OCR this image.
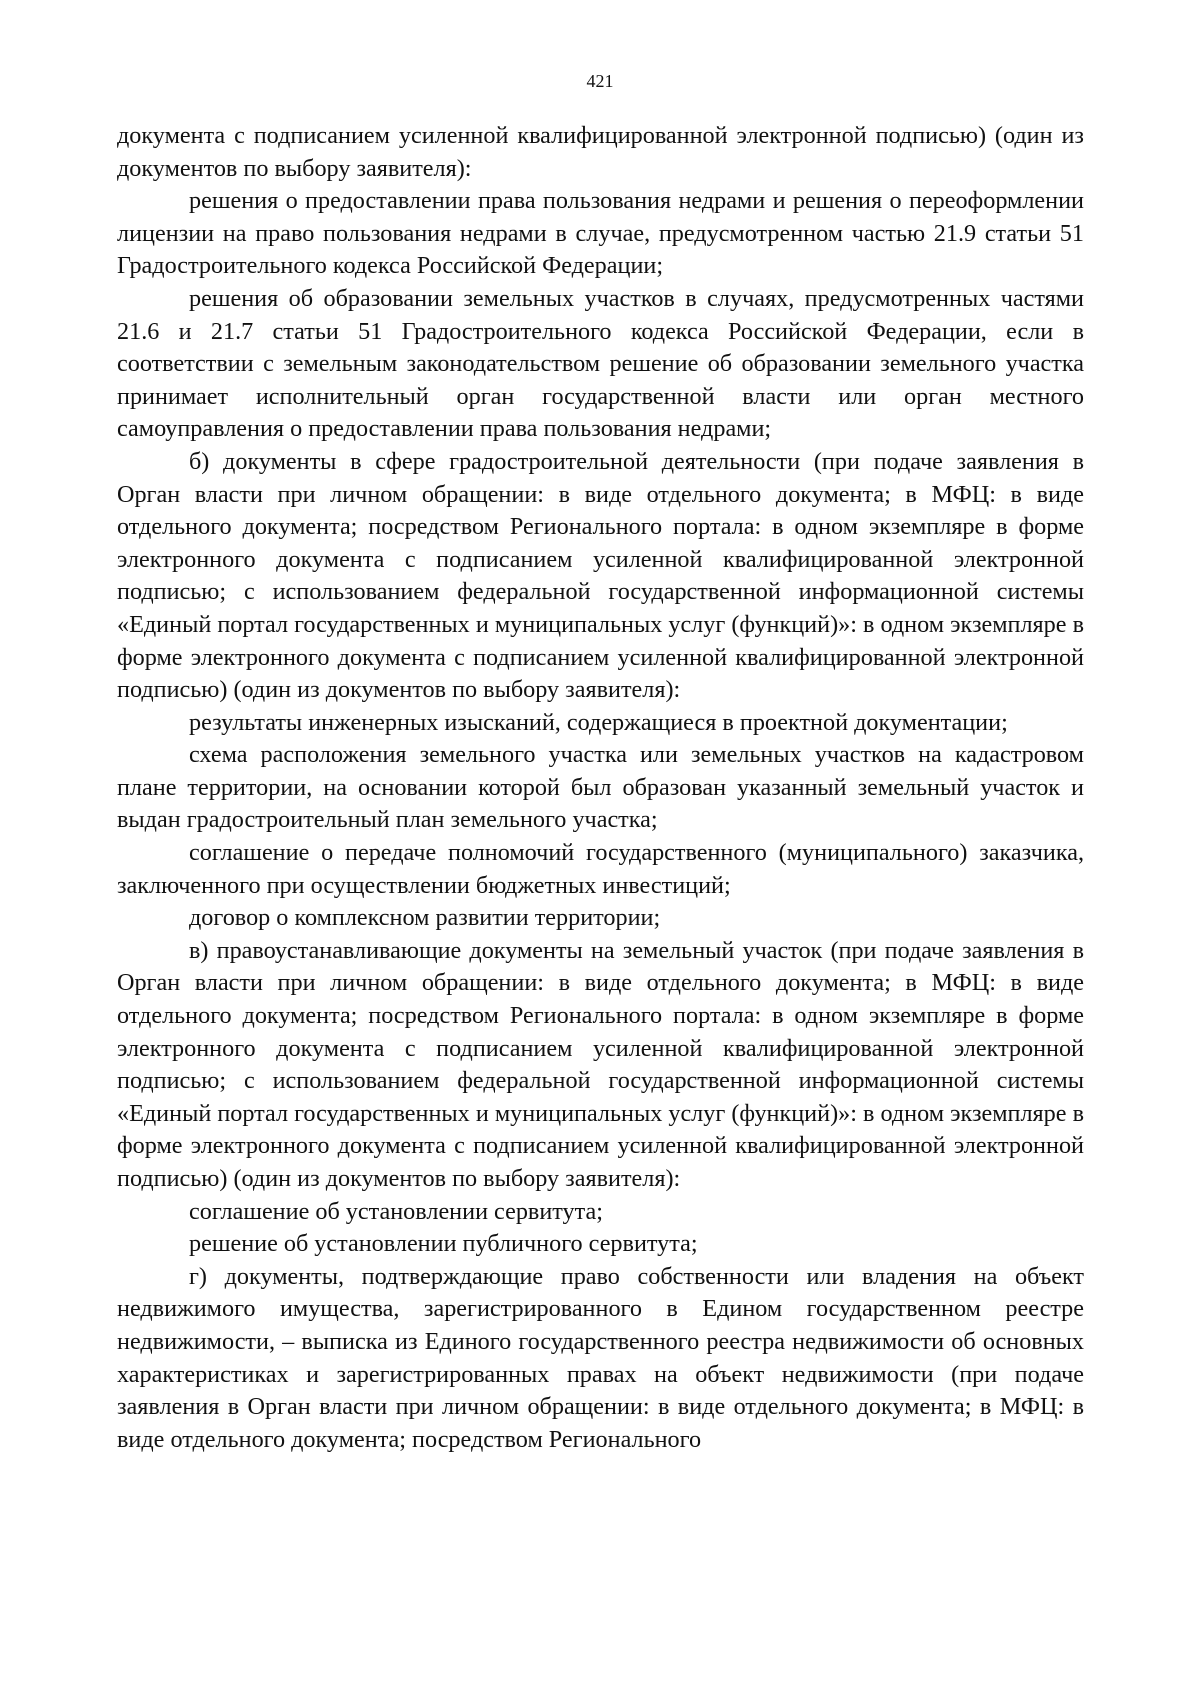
421

документа с подписанием усиленной квалифицированной электронной подписью) (один из документов по выбору заявителя):

решения о предоставлении права пользования недрами и решения о переоформлении лицензии на право пользования недрами в случае, предусмотренном частью 21.9 статьи 51 Градостроительного кодекса Российской Федерации;

решения об образовании земельных участков в случаях, предусмотренных частями 21.6 и 21.7 статьи 51 Градостроительного кодекса Российской Федерации, если в соответствии с земельным законодательством решение об образовании земельного участка принимает исполнительный орган государственной власти или орган местного самоуправления о предоставлении права пользования недрами;

б) документы в сфере градостроительной деятельности (при подаче заявления в Орган власти при личном обращении: в виде отдельного документа; в МФЦ: в виде отдельного документа; посредством Регионального портала: в одном экземпляре в форме электронного документа с подписанием усиленной квалифицированной электронной подписью; с использованием федеральной государственной информационной системы «Единый портал государственных и муниципальных услуг (функций)»: в одном экземпляре в форме электронного документа с подписанием усиленной квалифицированной электронной подписью) (один из документов по выбору заявителя):

результаты инженерных изысканий, содержащиеся в проектной документации;

схема расположения земельного участка или земельных участков на кадастровом плане территории, на основании которой был образован указанный земельный участок и выдан градостроительный план земельного участка;

соглашение о передаче полномочий государственного (муниципального) заказчика, заключенного при осуществлении бюджетных инвестиций;

договор о комплексном развитии территории;

в) правоустанавливающие документы на земельный участок (при подаче заявления в Орган власти при личном обращении: в виде отдельного документа; в МФЦ: в виде отдельного документа; посредством Регионального портала: в одном экземпляре в форме электронного документа с подписанием усиленной квалифицированной электронной подписью; с использованием федеральной государственной информационной системы «Единый портал государственных и муниципальных услуг (функций)»: в одном экземпляре в форме электронного документа с подписанием усиленной квалифицированной электронной подписью) (один из документов по выбору заявителя):

соглашение об установлении сервитута;

решение об установлении публичного сервитута;

г) документы, подтверждающие право собственности или владения на объект недвижимого имущества, зарегистрированного в Едином государственном реестре недвижимости, – выписка из Единого государственного реестра недвижимости об основных характеристиках и зарегистрированных правах на объект недвижимости (при подаче заявления в Орган власти при личном обращении: в виде отдельного документа; в МФЦ: в виде отдельного документа; посредством Регионального
